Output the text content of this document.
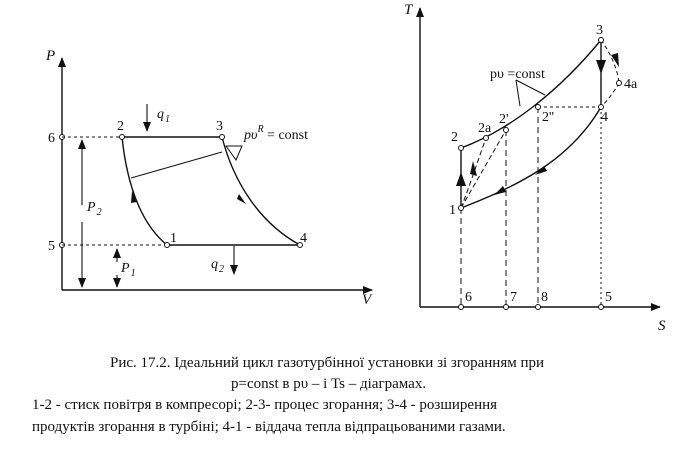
P
V
6
5
2	3
1	4
$q_1$
$q_2$
$P_2$
$P_1$
$p\upsilon^R$ = const
T
S
6	7 8	5
1
2
2a
2' 2''
3
4
4a
pυ =const
Рис. 17.2. Ідеальний цикл газотурбінної установки зі згоранням при
p=const в pυ – і Ts – діаграмах.
1-2 - стиск повітря в компресорі; 2-3- процес згорання; 3-4 - розширення
продуктів згорання в турбіні; 4-1 - віддача тепла відпрацьованими газами.
